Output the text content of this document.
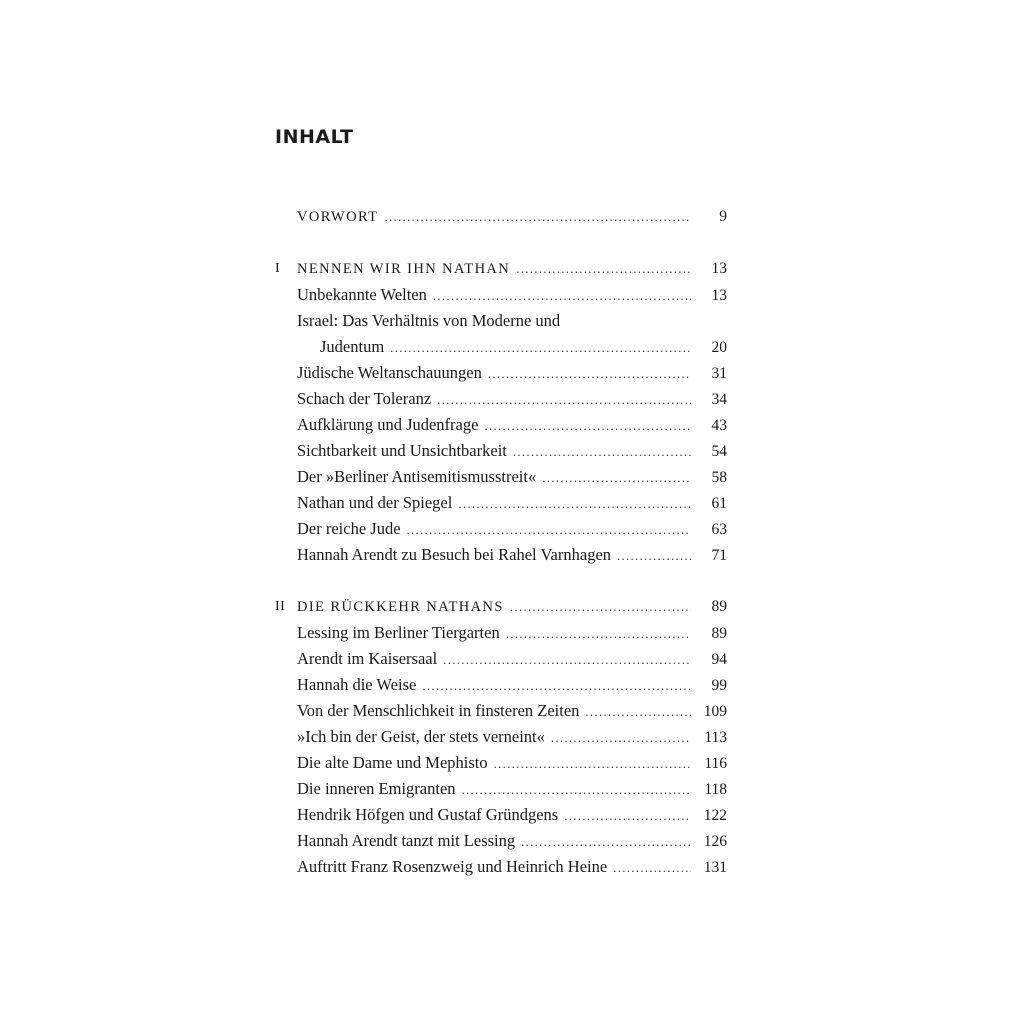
INHALT
VORWORT . . .	9
I NENNEN WIR IHN NATHAN . . .	13
Unbekannte Welten . . .	13
Israel: Das Verhältnis von Moderne und
Judentum . . .	20
Jüdische Weltanschauungen . . .	31
Schach der Toleranz . . .	34
Aufklärung und Judenfrage . . .	43
Sichtbarkeit und Unsichtbarkeit . . .	54
Der »Berliner Antisemitismusstreit« . . .	58
Nathan und der Spiegel . . .	61
Der reiche Jude . . .	63
Hannah Arendt zu Besuch bei Rahel Varnhagen . . .	71
II DIE RÜCKKEHR NATHANS . . .	89
Lessing im Berliner Tiergarten . . .	89
Arendt im Kaisersaal . . .	94
Hannah die Weise . . .	99
Von der Menschlichkeit in finsteren Zeiten . . .	109
»Ich bin der Geist, der stets verneint« . . .	113
Die alte Dame und Mephisto . . .	116
Die inneren Emigranten . . .	118
Hendrik Höfgen und Gustaf Gründgens . . .	122
Hannah Arendt tanzt mit Lessing . . .	126
Auftritt Franz Rosenzweig und Heinrich Heine . . .	131
